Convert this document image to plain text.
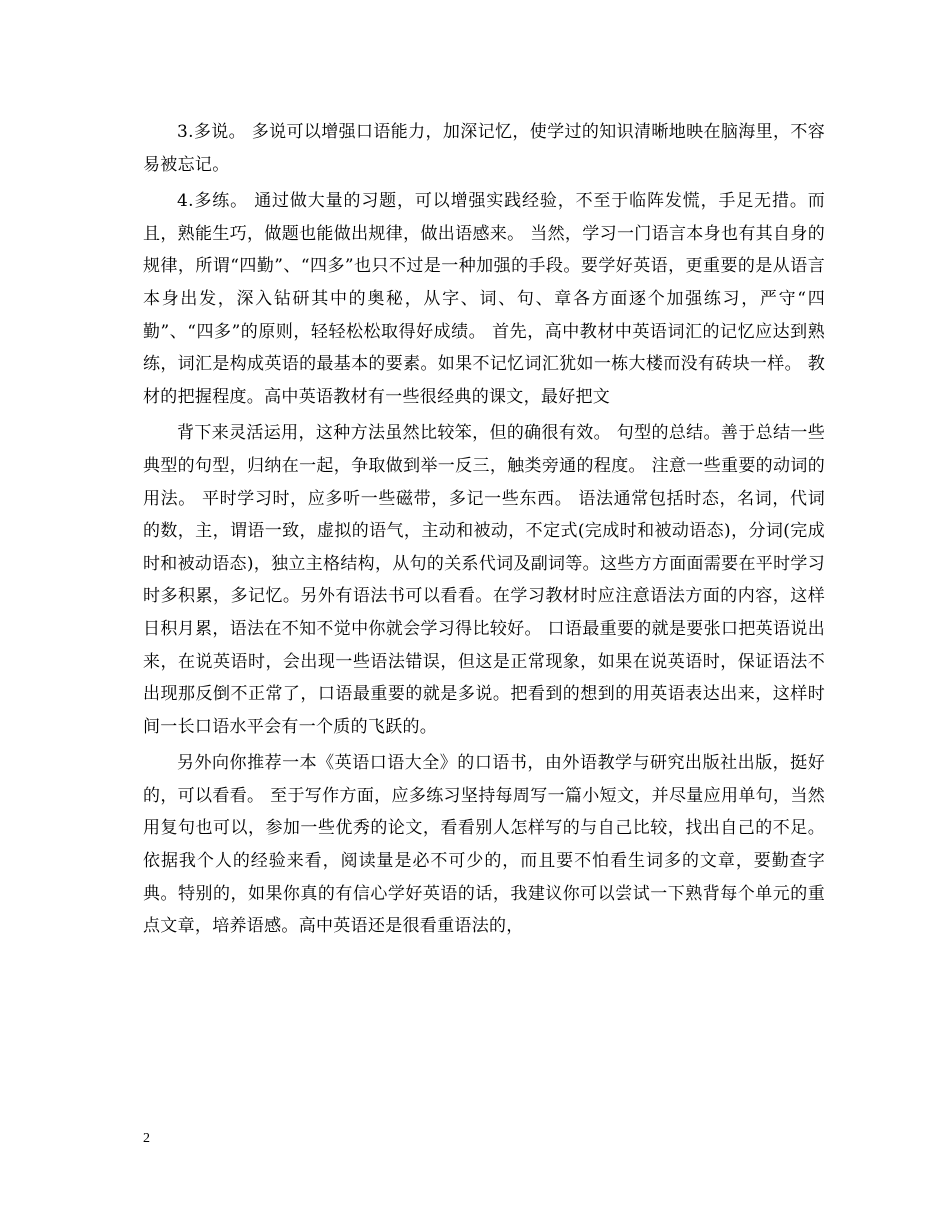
3.多说。 多说可以增强口语能力，加深记忆，使学过的知识清晰地映在脑海里，不容易被忘记。

4.多练。 通过做大量的习题，可以增强实践经验，不至于临阵发慌，手足无措。而且，熟能生巧，做题也能做出规律，做出语感来。 当然，学习一门语言本身也有其自身的规律，所谓“四勤”、“四多”也只不过是一种加强的手段。要学好英语，更重要的是从语言本身出发，深入钻研其中的奥秘，从字、词、句、章各方面逐个加强练习，严守“四勤”、“四多”的原则，轻轻松松取得好成绩。 首先，高中教材中英语词汇的记忆应达到熟练，词汇是构成英语的最基本的要素。如果不记忆词汇犹如一栋大楼而没有砖块一样。 教材的把握程度。高中英语教材有一些很经典的课文，最好把文

背下来灵活运用，这种方法虽然比较笨，但的确很有效。 句型的总结。善于总结一些典型的句型，归纳在一起，争取做到举一反三，触类旁通的程度。 注意一些重要的动词的用法。 平时学习时，应多听一些磁带，多记一些东西。 语法通常包括时态，名词，代词的数，主，谓语一致，虚拟的语气，主动和被动，不定式(完成时和被动语态)，分词(完成时和被动语态)，独立主格结构，从句的关系代词及副词等。这些方方面面需要在平时学习时多积累，多记忆。另外有语法书可以看看。在学习教材时应注意语法方面的内容，这样日积月累，语法在不知不觉中你就会学习得比较好。 口语最重要的就是要张口把英语说出来，在说英语时，会出现一些语法错误，但这是正常现象，如果在说英语时，保证语法不出现那反倒不正常了，口语最重要的就是多说。把看到的想到的用英语表达出来，这样时间一长口语水平会有一个质的飞跃的。

另外向你推荐一本《英语口语大全》的口语书，由外语教学与研究出版社出版，挺好的，可以看看。 至于写作方面，应多练习坚持每周写一篇小短文，并尽量应用单句，当然用复句也可以，参加一些优秀的论文，看看别人怎样写的与自己比较，找出自己的不足。 依据我个人的经验来看，阅读量是必不可少的，而且要不怕看生词多的文章，要勤查字典。特别的，如果你真的有信心学好英语的话，我建议你可以尝试一下熟背每个单元的重点文章，培养语感。高中英语还是很看重语法的，

2
